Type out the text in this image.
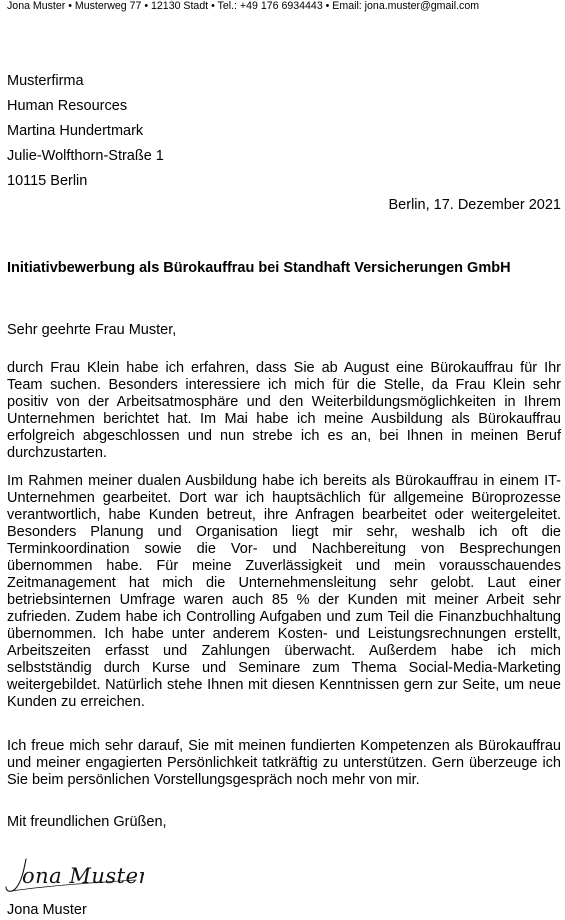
Jona Muster • Musterweg 77 • 12130 Stadt • Tel.: +49 176 6934443 • Email: jona.muster@gmail.com
Musterfirma
Human Resources
Martina Hundertmark
Julie-Wolfthorn-Straße 1
10115 Berlin
Berlin, 17. Dezember 2021
Initiativbewerbung als Bürokauffrau bei Standhaft Versicherungen GmbH
Sehr geehrte Frau Muster,
durch Frau Klein habe ich erfahren, dass Sie ab August eine Bürokauffrau für Ihr Team suchen. Besonders interessiere ich mich für die Stelle, da Frau Klein sehr positiv von der Arbeitsatmosphäre und den Weiterbildungsmöglichkeiten in Ihrem Unternehmen berichtet hat. Im Mai habe ich meine Ausbildung als Bürokauffrau erfolgreich abgeschlossen und nun strebe ich es an, bei Ihnen in meinen Beruf durchzustarten.
Im Rahmen meiner dualen Ausbildung habe ich bereits als Bürokauffrau in einem IT-Unternehmen gearbeitet. Dort war ich hauptsächlich für allgemeine Büroprozesse verantwortlich, habe Kunden betreut, ihre Anfragen bearbeitet oder weitergeleitet. Besonders Planung und Organisation liegt mir sehr, weshalb ich oft die Terminkoordination sowie die Vor- und Nachbereitung von Besprechungen übernommen habe. Für meine Zuverlässigkeit und mein vorausschauendes Zeitmanagement hat mich die Unternehmensleitung sehr gelobt. Laut einer betriebsinternen Umfrage waren auch 85 % der Kunden mit meiner Arbeit sehr zufrieden. Zudem habe ich Controlling Aufgaben und zum Teil die Finanzbuchhaltung übernommen. Ich habe unter anderem Kosten- und Leistungsrechnungen erstellt, Arbeitszeiten erfasst und Zahlungen überwacht. Außerdem habe ich mich selbstständig durch Kurse und Seminare zum Thema Social-Media-Marketing weitergebildet. Natürlich stehe Ihnen mit diesen Kenntnissen gern zur Seite, um neue Kunden zu erreichen.
Ich freue mich sehr darauf, Sie mit meinen fundierten Kompetenzen als Bürokauffrau und meiner engagierten Persönlichkeit tatkräftig zu unterstützen. Gern überzeuge ich Sie beim persönlichen Vorstellungsgespräch noch mehr von mir.
Mit freundlichen Grüßen,
ona Muster
Jona Muster
